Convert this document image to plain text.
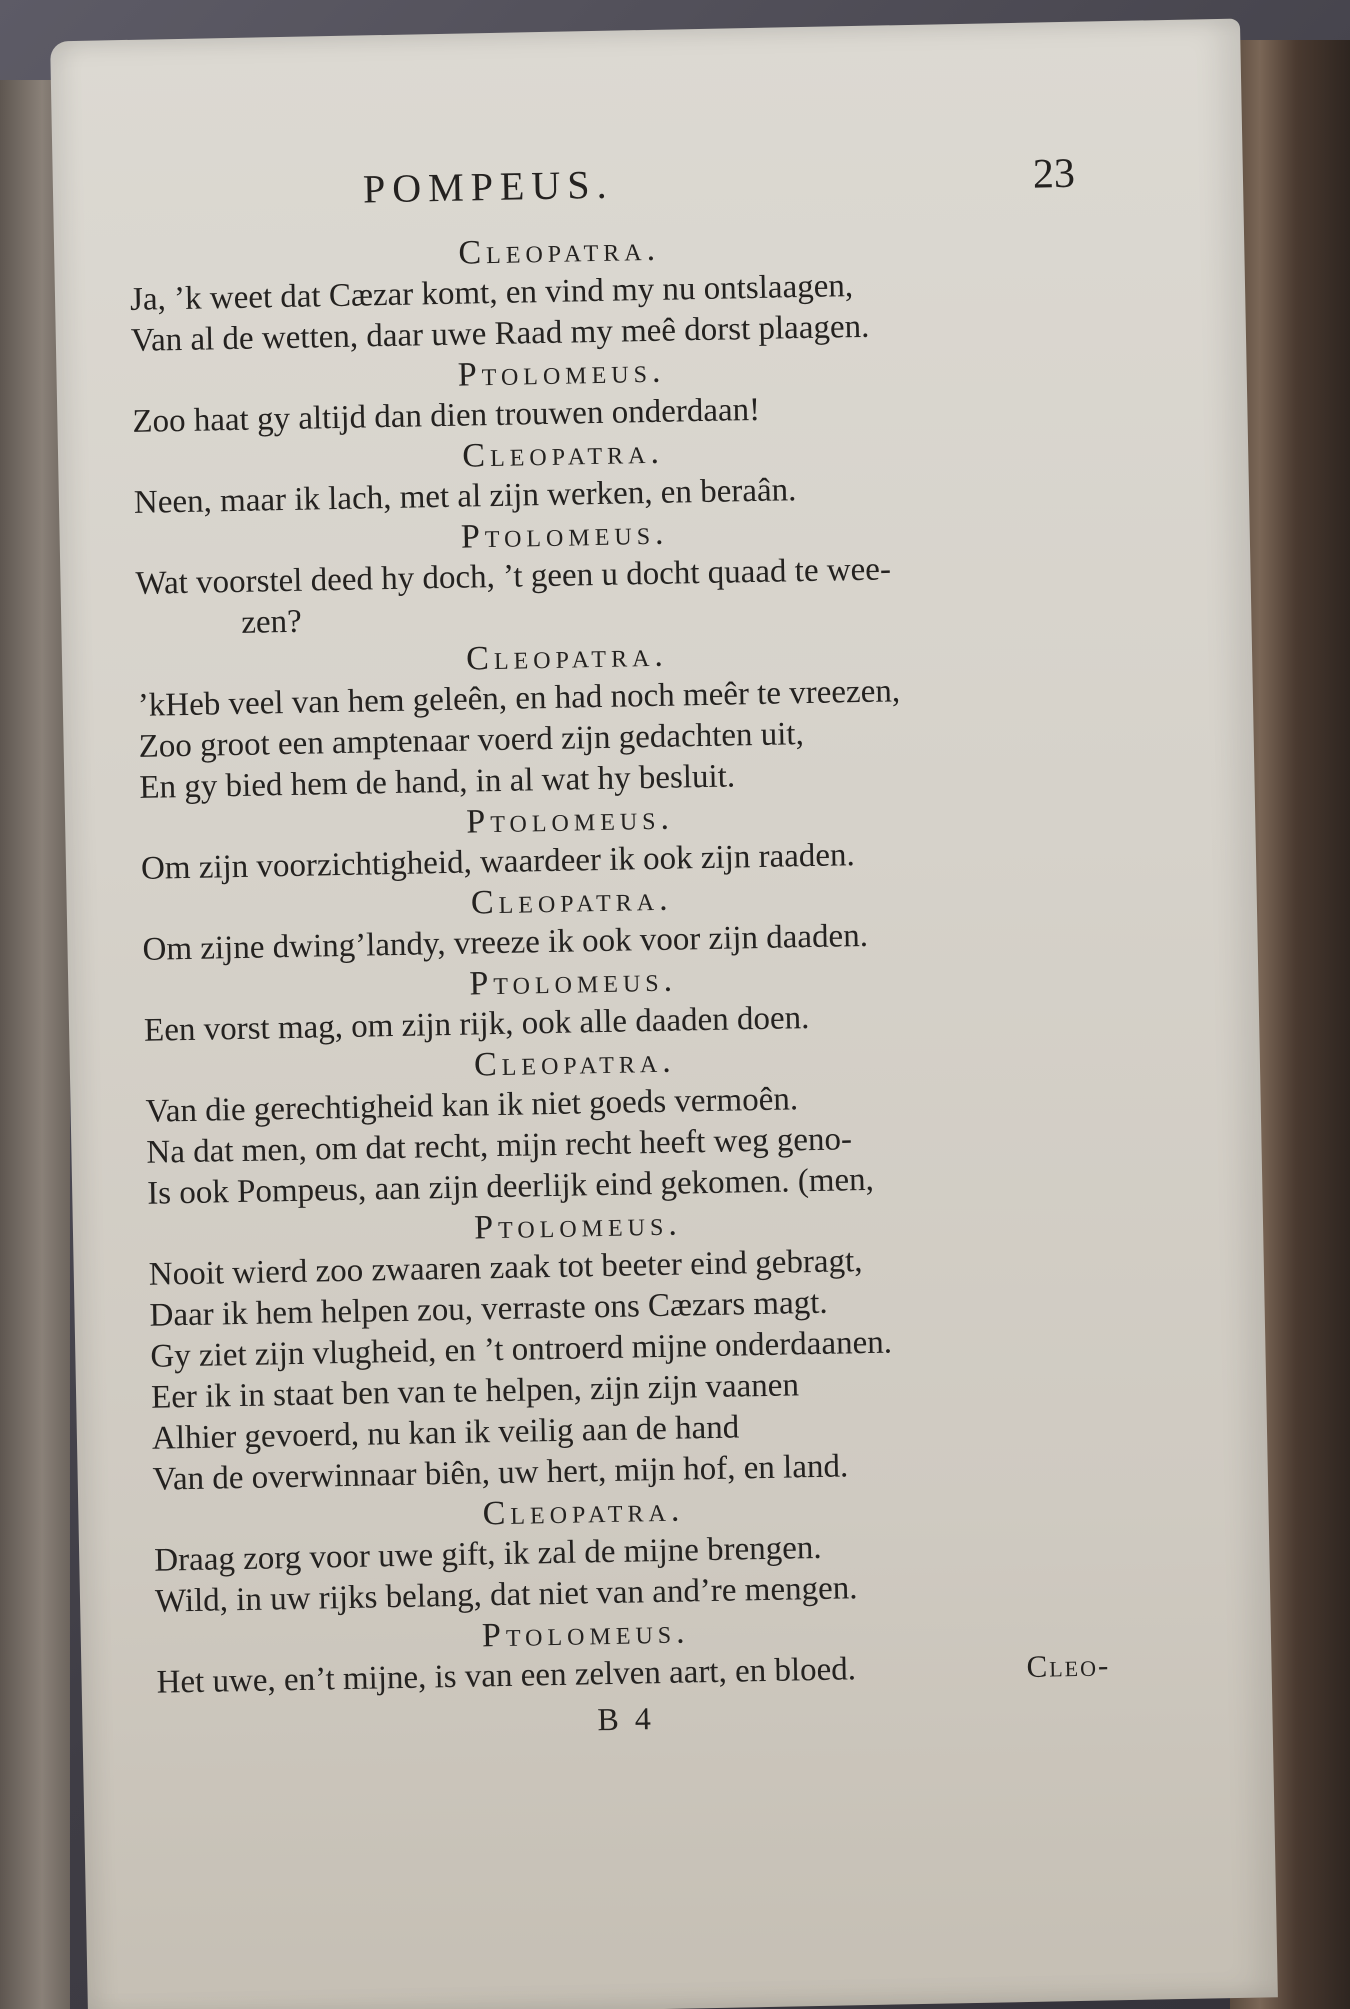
POMPEUS.	23
Cleopatra.
Ja, ’k weet dat Cæzar komt, en vind my nu ontslaagen,
Van al de wetten, daar uwe Raad my meê dorst plaagen.
Ptolomeus.
Zoo haat gy altijd dan dien trouwen onderdaan!
Cleopatra.
Neen, maar ik lach, met al zijn werken, en beraân.
Ptolomeus.
Wat voorstel deed hy doch, ’t geen u docht quaad te wee-
zen?
Cleopatra.
’kHeb veel van hem geleên, en had noch meêr te vreezen,
Zoo groot een amptenaar voerd zijn gedachten uit,
En gy bied hem de hand, in al wat hy besluit.
Ptolomeus.
Om zijn voorzichtigheid, waardeer ik ook zijn raaden.
Cleopatra.
Om zijne dwing’landy, vreeze ik ook voor zijn daaden.
Ptolomeus.
Een vorst mag, om zijn rijk, ook alle daaden doen.
Cleopatra.
Van die gerechtigheid kan ik niet goeds vermoên.
Na dat men, om dat recht, mijn recht heeft weg geno-
Is ook Pompeus, aan zijn deerlijk eind gekomen. (men,
Ptolomeus.
Nooit wierd zoo zwaaren zaak tot beeter eind gebragt,
Daar ik hem helpen zou, verraste ons Cæzars magt.
Gy ziet zijn vlugheid, en ’t ontroerd mijne onderdaanen.
Eer ik in staat ben van te helpen, zijn zijn vaanen
Alhier gevoerd, nu kan ik veilig aan de hand
Van de overwinnaar biên, uw hert, mijn hof, en land.
Cleopatra.
Draag zorg voor uwe gift, ik zal de mijne brengen.
Wild, in uw rijks belang, dat niet van and’re mengen.
Ptolomeus.
Het uwe, en’t mijne, is van een zelven aart, en bloed.
B 4
Cleo-
